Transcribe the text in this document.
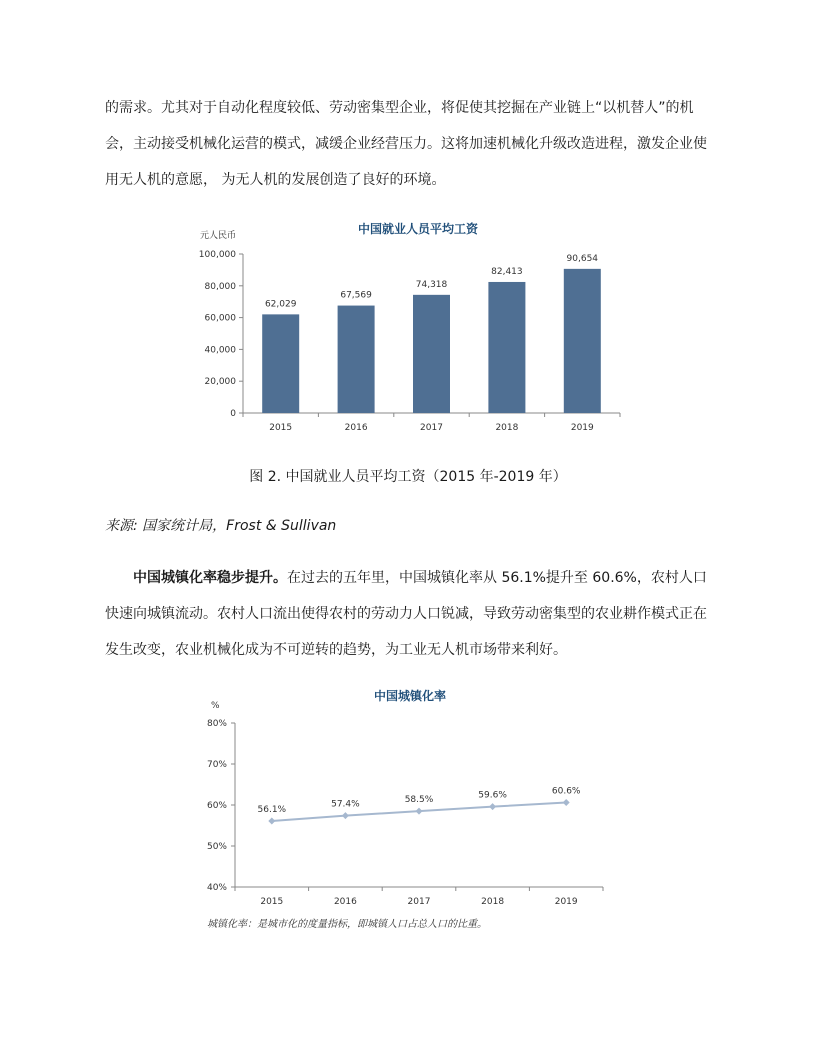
的需求。尤其对于自动化程度较低、劳动密集型企业，将促使其挖掘在产业链上“以机替人”的机会，主动接受机械化运营的模式，减缓企业经营压力。这将加速机械化升级改造进程，激发企业使用无人机的意愿， 为无人机的发展创造了良好的环境。

中国就业人员平均工资
元人民币
0
20,000
40,000
60,000
80,000
100,000
62,029
2015
67,569
2016
74,318
2017
82,413
2018
90,654
2019
图 2. 中国就业人员平均工资（2015 年-2019 年）
来源: 国家统计局，Frost & Sullivan

中国城镇化率稳步提升。在过去的五年里，中国城镇化率从 56.1%提升至 60.6%，农村人口快速向城镇流动。农村人口流出使得农村的劳动力人口锐减，导致劳动密集型的农业耕作模式正在发生改变，农业机械化成为不可逆转的趋势，为工业无人机市场带来利好。

中国城镇化率
%
40%
50%
60%
70%
80%
56.1%
2015
57.4%
2016
58.5%
2017
59.6%
2018
60.6%
2019
城镇化率：是城市化的度量指标，即城镇人口占总人口的比重。
